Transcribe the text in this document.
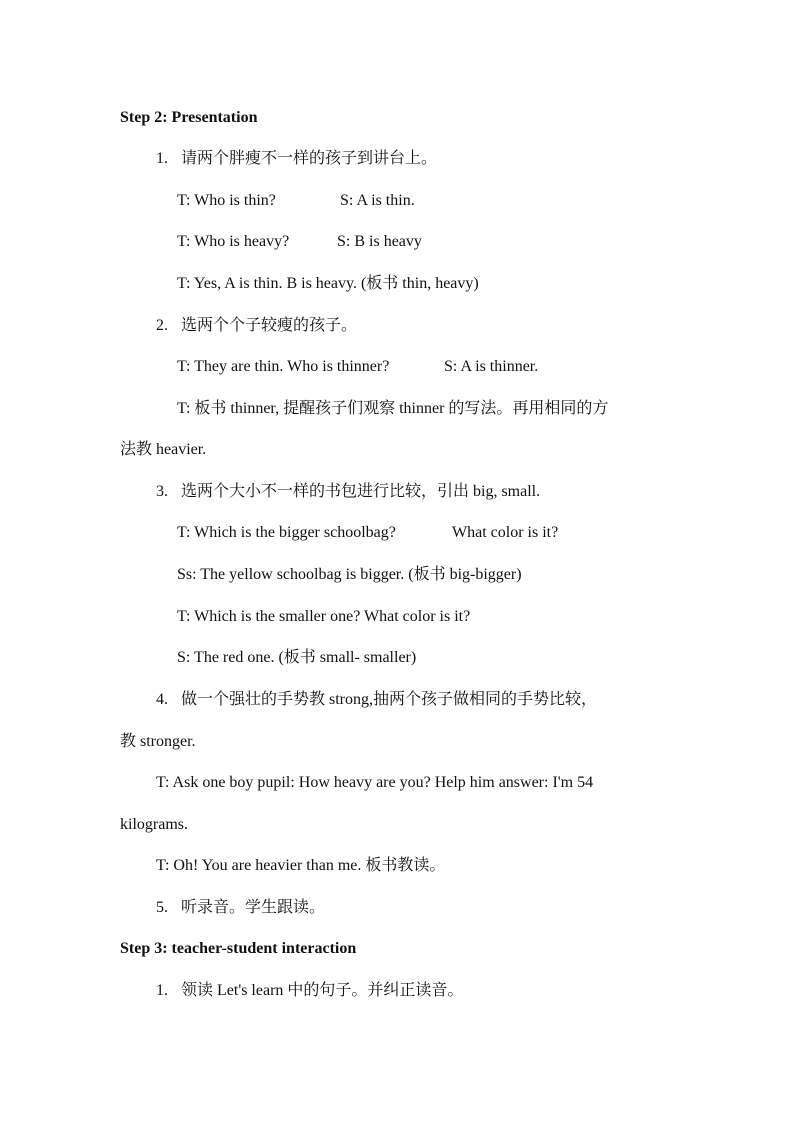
Step 2: Presentation
1. 请两个胖瘦不一样的孩子到讲台上。
T: Who is thin?	S: A is thin.
T: Who is heavy?	S: B is heavy
T: Yes, A is thin. B is heavy. (板书 thin, heavy)
2. 选两个个子较瘦的孩子。
T: They are thin. Who is thinner?	S: A is thinner.
T: 板书 thinner, 提醒孩子们观察 thinner 的写法。再用相同的方
法教 heavier.
3. 选两个大小不一样的书包进行比较，引出 big, small.
T: Which is the bigger schoolbag?	What color is it?
Ss: The yellow schoolbag is bigger. (板书 big-bigger)
T: Which is the smaller one? What color is it?
S: The red one. (板书 small- smaller)
4. 做一个强壮的手势教 strong,抽两个孩子做相同的手势比较，
教 stronger.
T: Ask one boy pupil: How heavy are you? Help him answer: I'm 54
kilograms.
T: Oh! You are heavier than me. 板书教读。
5. 听录音。学生跟读。
Step 3: teacher-student interaction
1. 领读 Let's learn 中的句子。并纠正读音。
